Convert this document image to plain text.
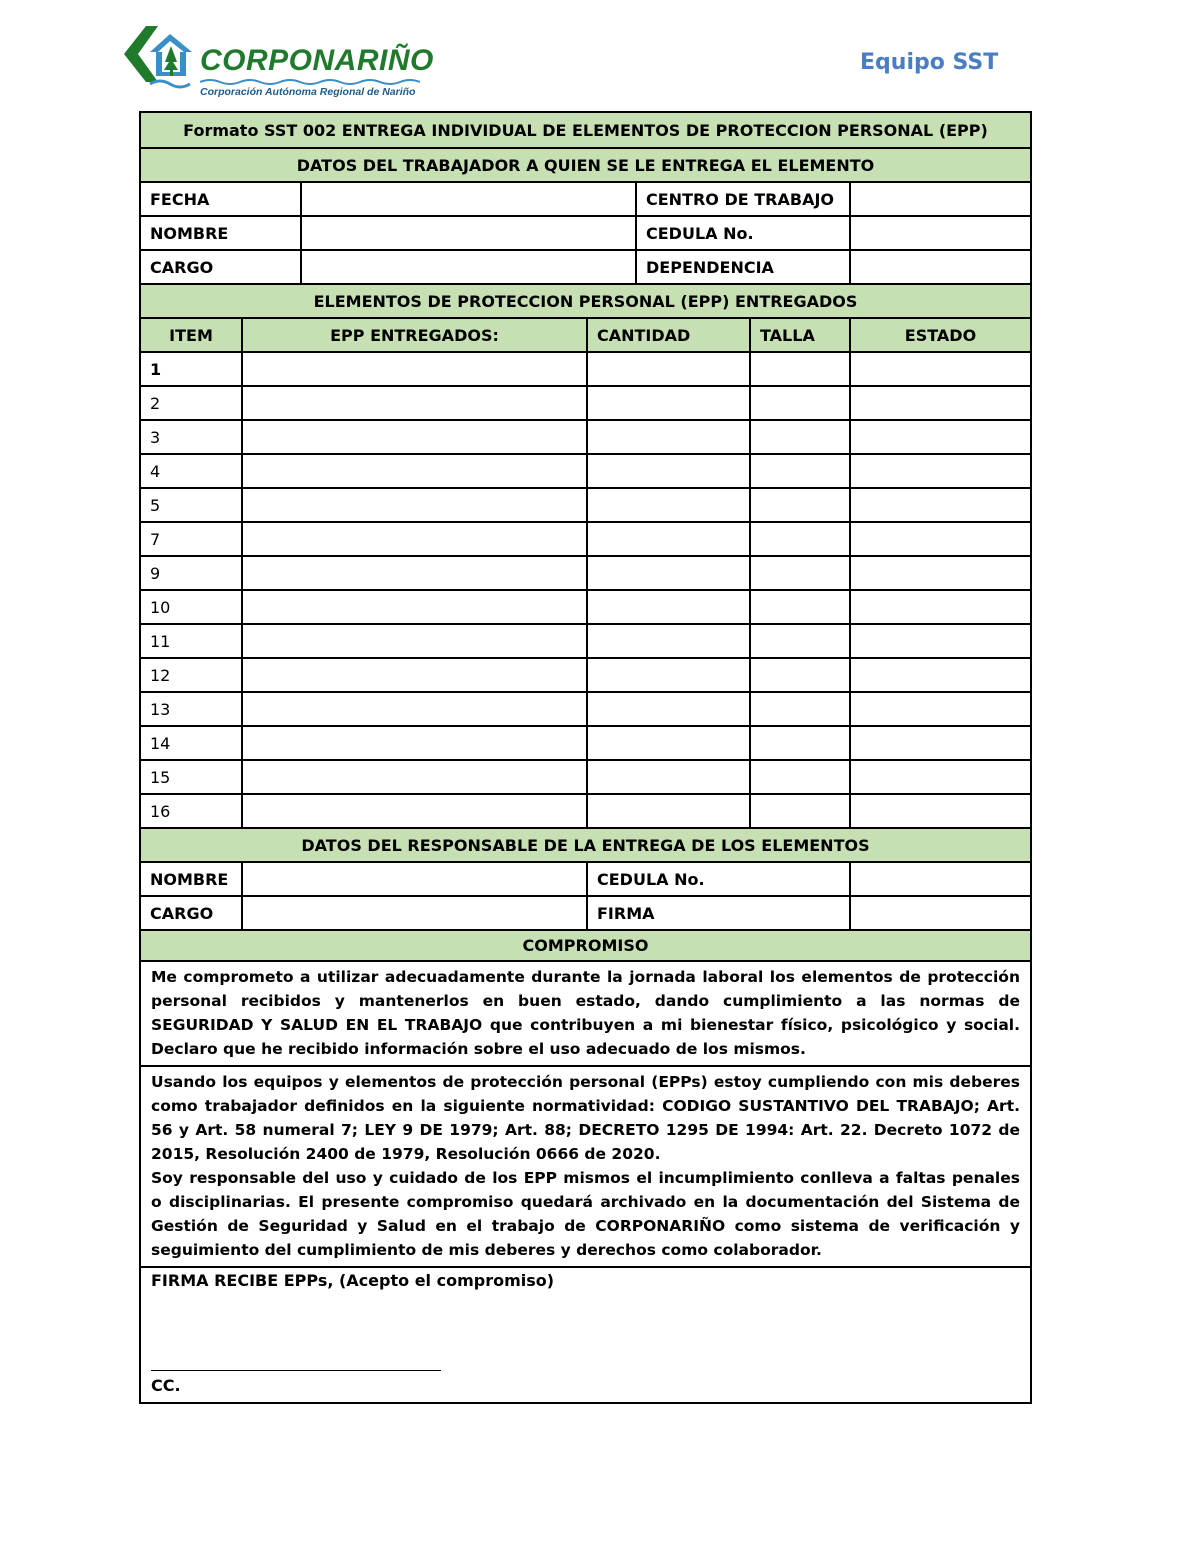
CORPONARIÑO
Corporación Autónoma Regional de Nariño
Equipo SST
Formato SST 002 ENTREGA INDIVIDUAL DE ELEMENTOS DE PROTECCION PERSONAL (EPP)
DATOS DEL TRABAJADOR A QUIEN SE LE ENTREGA EL ELEMENTO
FECHA	CENTRO DE TRABAJO
NOMBRE	CEDULA No.
CARGO	DEPENDENCIA
ELEMENTOS DE PROTECCION PERSONAL (EPP) ENTREGADOS
ITEM	EPP ENTREGADOS:	CANTIDAD	TALLA	ESTADO
1
2
3
4
5
7
9
10
11
12
13
14
15
16
DATOS DEL RESPONSABLE DE LA ENTREGA DE LOS ELEMENTOS
NOMBRE	CEDULA No.
CARGO	FIRMA
COMPROMISO

Me comprometo a utilizar adecuadamente durante la jornada laboral los elementos de protección personal recibidos y mantenerlos en buen estado, dando cumplimiento a las normas de SEGURIDAD Y SALUD EN EL TRABAJO que contribuyen a mi bienestar físico, psicológico y social. Declaro que he recibido información sobre el uso adecuado de los mismos.

Usando los equipos y elementos de protección personal (EPPs) estoy cumpliendo con mis deberes como trabajador definidos en la siguiente normatividad: CODIGO SUSTANTIVO DEL TRABAJO; Art. 56 y Art. 58 numeral 7; LEY 9 DE 1979; Art. 88; DECRETO 1295 DE 1994: Art. 22. Decreto 1072 de 2015, Resolución 2400 de 1979, Resolución 0666 de 2020.

Soy responsable del uso y cuidado de los EPP mismos el incumplimiento conlleva a faltas penales o disciplinarias. El presente compromiso quedará archivado en la documentación del Sistema de Gestión de Seguridad y Salud en el trabajo de CORPONARIÑO como sistema de verificación y seguimiento del cumplimiento de mis deberes y derechos como colaborador.

FIRMA RECIBE EPPs, (Acepto el compromiso)
CC.
